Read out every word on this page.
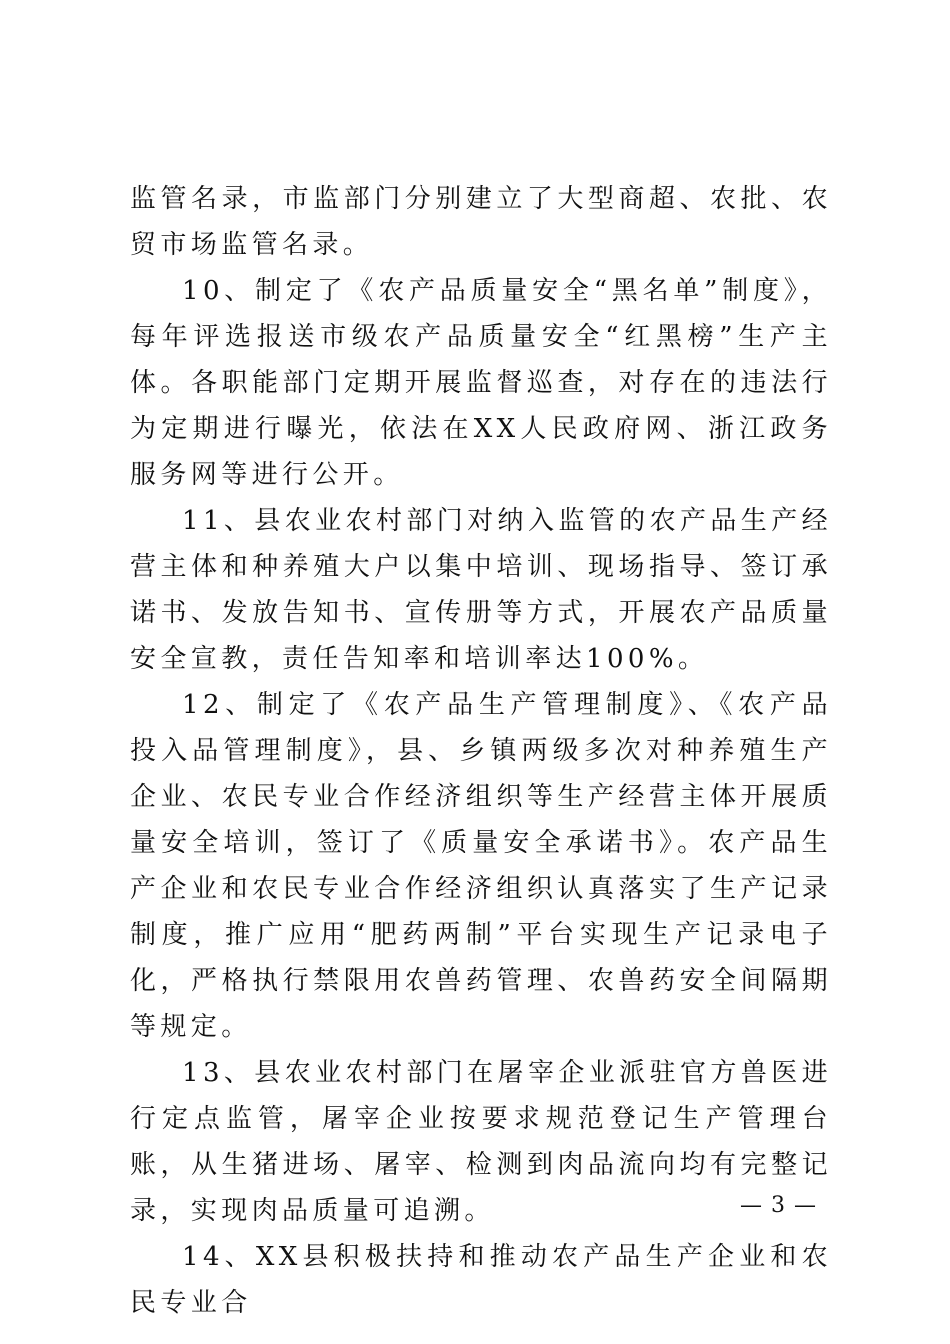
监管名录，市监部门分别建立了大型商超、农批、农贸市场监管名录。

10、制定了《农产品质量安全“黑名单”制度》，每年评选报送市级农产品质量安全“红黑榜”生产主体。各职能部门定期开展监督巡查，对存在的违法行为定期进行曝光，依法在XX人民政府网、浙江政务服务网等进行公开。

11、县农业农村部门对纳入监管的农产品生产经营主体和种养殖大户以集中培训、现场指导、签订承诺书、发放告知书、宣传册等方式，开展农产品质量安全宣教，责任告知率和培训率达100%。

12、制定了《农产品生产管理制度》、《农产品投入品管理制度》，县、乡镇两级多次对种养殖生产企业、农民专业合作经济组织等生产经营主体开展质量安全培训，签订了《质量安全承诺书》。农产品生产企业和农民专业合作经济组织认真落实了生产记录制度，推广应用“肥药两制”平台实现生产记录电子化，严格执行禁限用农兽药管理、农兽药安全间隔期等规定。

13、县农业农村部门在屠宰企业派驻官方兽医进行定点监管，屠宰企业按要求规范登记生产管理台账，从生猪进场、屠宰、检测到肉品流向均有完整记录，实现肉品质量可追溯。

14、XX县积极扶持和推动农产品生产企业和农民专业合

— 3 —
